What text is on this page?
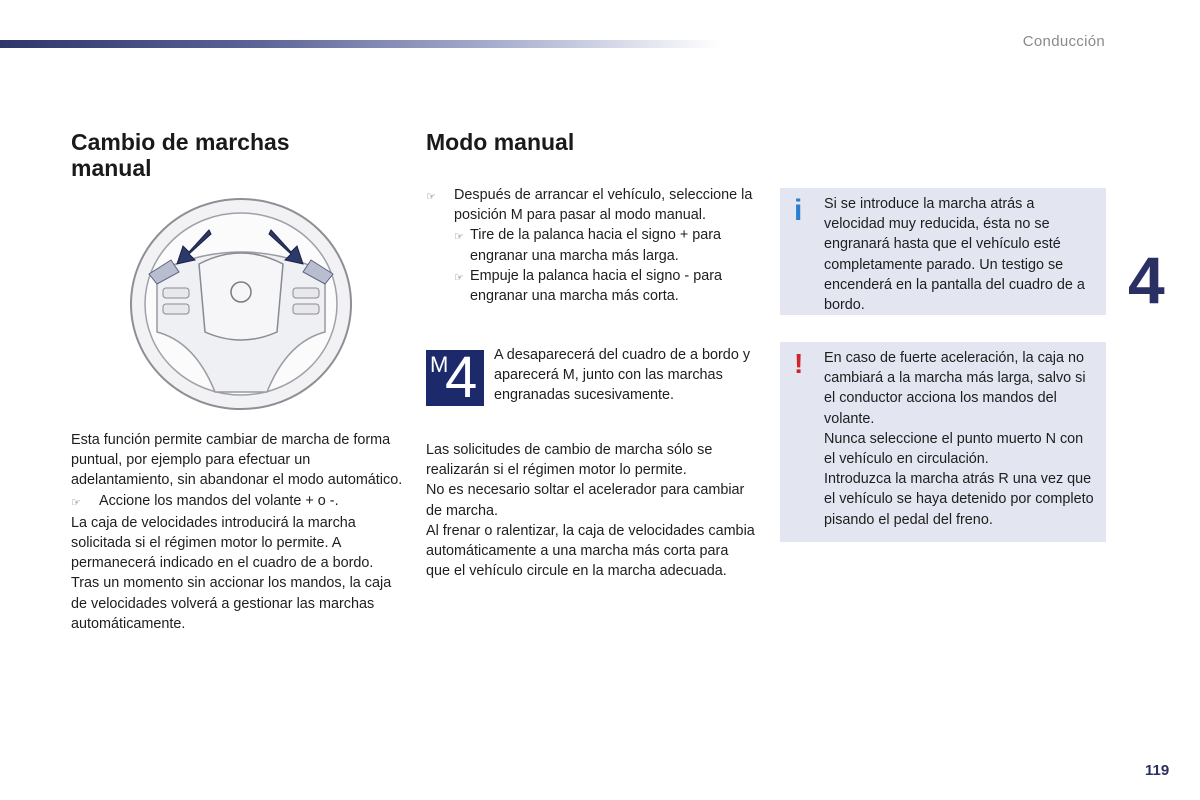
Conducción
4
119
Cambio de marchas manual

Esta función permite cambiar de marcha de forma puntual, por ejemplo para efectuar un adelantamiento, sin abandonar el modo automático.

☞	Accione los mandos del volante + o -.

La caja de velocidades introducirá la marcha solicitada si el régimen motor lo permite. A permanecerá indicado en el cuadro de a bordo.

Tras un momento sin accionar los mandos, la caja de velocidades volverá a gestionar las marchas automáticamente.

Modo manual
☞	Después de arrancar el vehículo, seleccione la posición M para pasar al modo manual.
☞ Tire de la palanca hacia el signo + para engranar una marcha más larga.
☞ Empuje la palanca hacia el signo - para engranar una marcha más corta.
M
4 A desaparecerá del cuadro de a bordo y aparecerá M, junto con las marchas engranadas sucesivamente.

Las solicitudes de cambio de marcha sólo se realizarán si el régimen motor lo permite.

No es necesario soltar el acelerador para cambiar de marcha.

Al frenar o ralentizar, la caja de velocidades cambia automáticamente a una marcha más corta para que el vehículo circule en la marcha adecuada.

i Si se introduce la marcha atrás a velocidad muy reducida, ésta no se engranará hasta que el vehículo esté completamente parado. Un testigo se encenderá en la pantalla del cuadro de a bordo.
! En caso de fuerte aceleración, la caja no cambiará a la marcha más larga, salvo si el conductor acciona los mandos del volante.

Nunca seleccione el punto muerto N con el vehículo en circulación.

Introduzca la marcha atrás R una vez que el vehículo se haya detenido por completo pisando el pedal del freno.
